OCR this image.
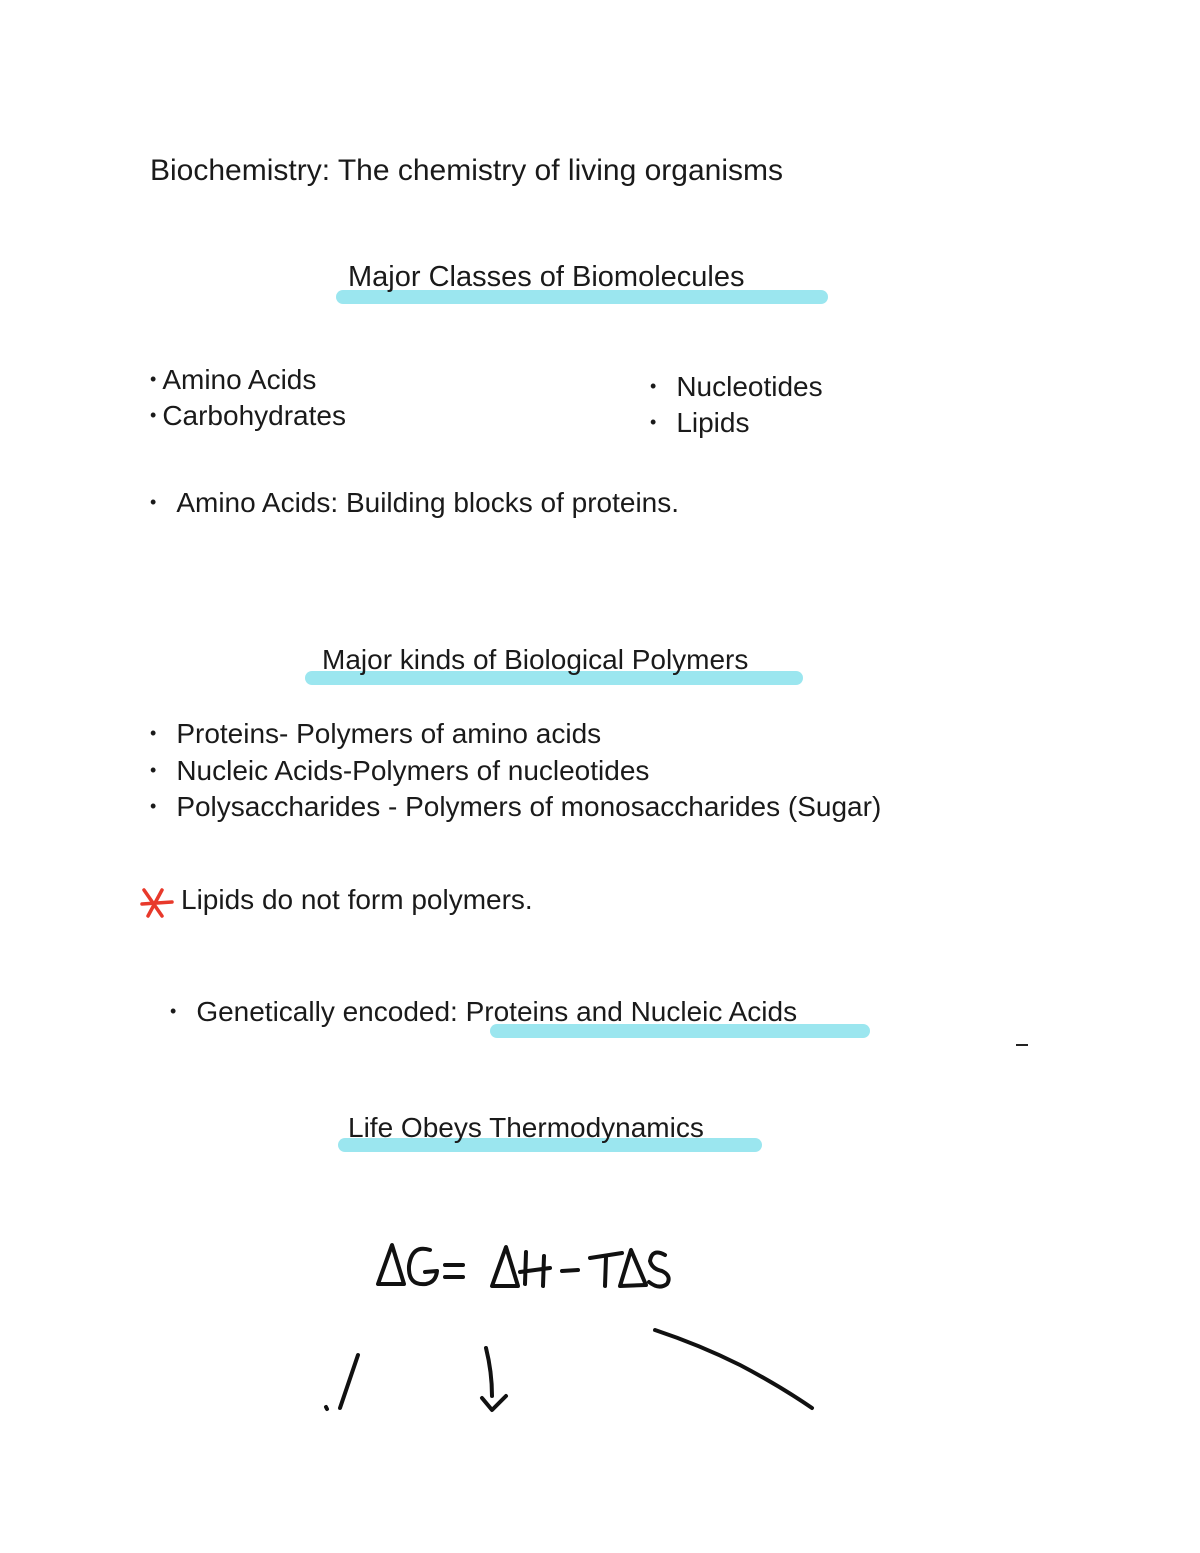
Biochemistry: The chemistry of living organisms
Major Classes of Biomolecules
• Amino Acids
• Carbohydrates
• Nucleotides
• Lipids
• Amino Acids: Building blocks of proteins.
Major kinds of Biological Polymers
• Proteins- Polymers of amino acids
• Nucleic Acids-Polymers of nucleotides
• Polysaccharides - Polymers of monosaccharides (Sugar)
Lipids do not form polymers.
• Genetically encoded: Proteins and Nucleic Acids
Life Obeys Thermodynamics
